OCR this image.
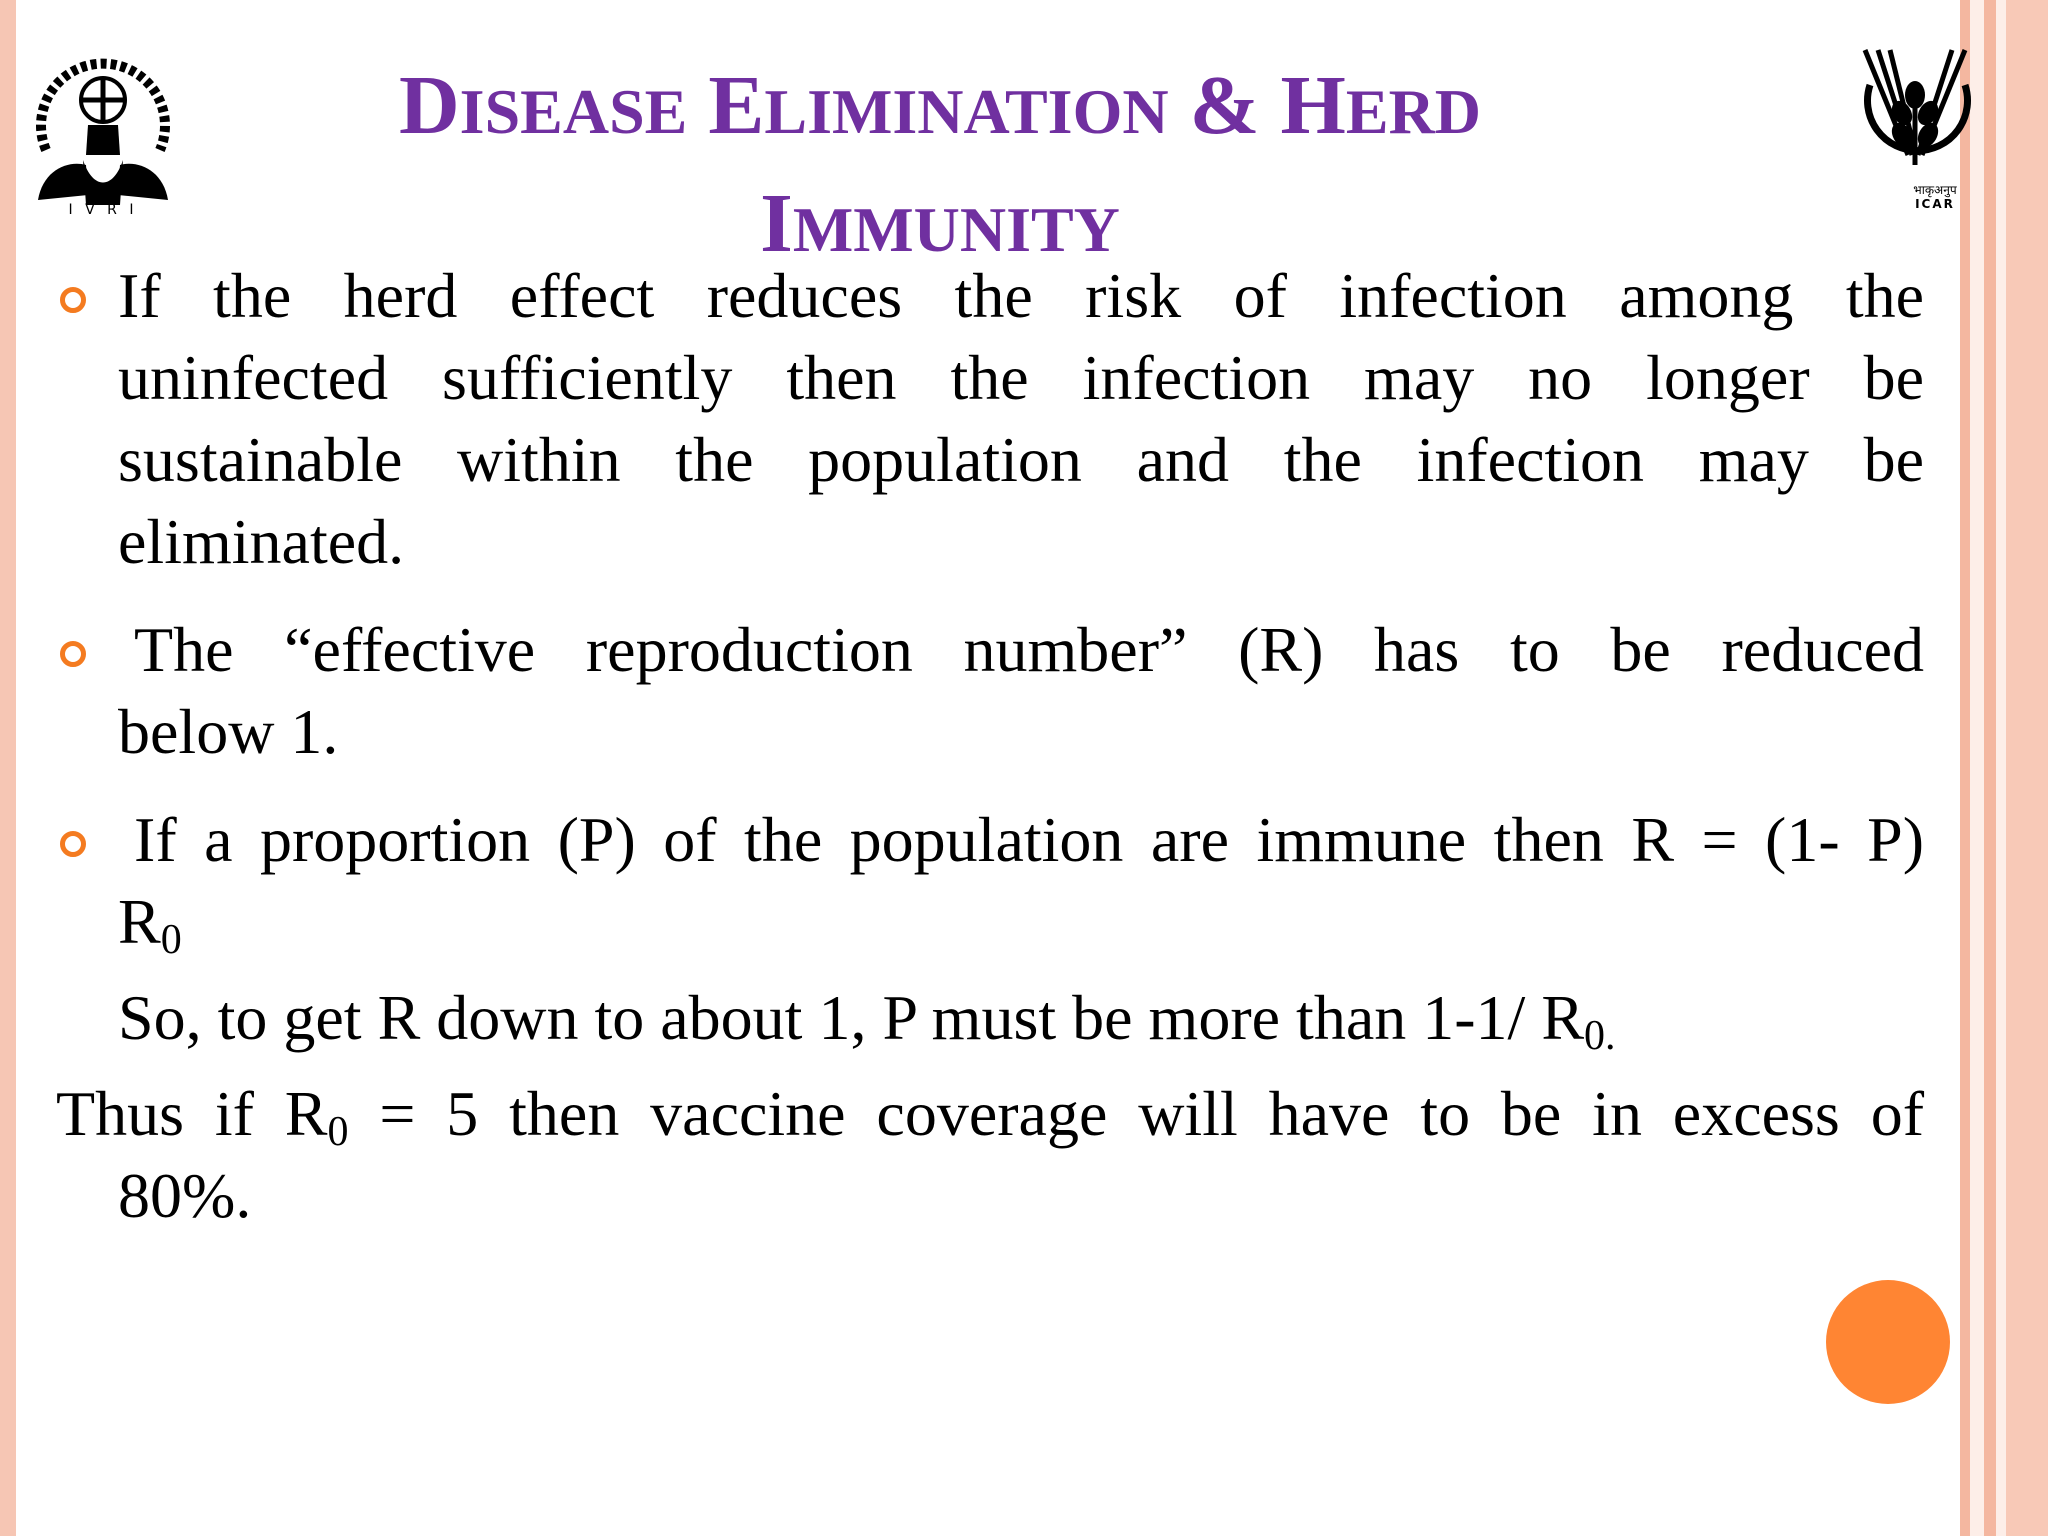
I V R I
भाकृअनुप
ICAR
DISEASE ELIMINATION & HERD
IMMUNITY
If the herd effect reduces the risk of infection among the
uninfected sufficiently then the infection may no longer be
sustainable within the population and the infection may be
eliminated.
The “effective reproduction number” (R) has to be reduced
below 1.
If a proportion (P) of the population are immune then R = (1- P)
$R_0$
So, to get R down to about 1, P must be more than 1-1/ $R_{0.}$
Thus if $R_0 = 5$ then vaccine coverage will have to be in excess of
80%.
